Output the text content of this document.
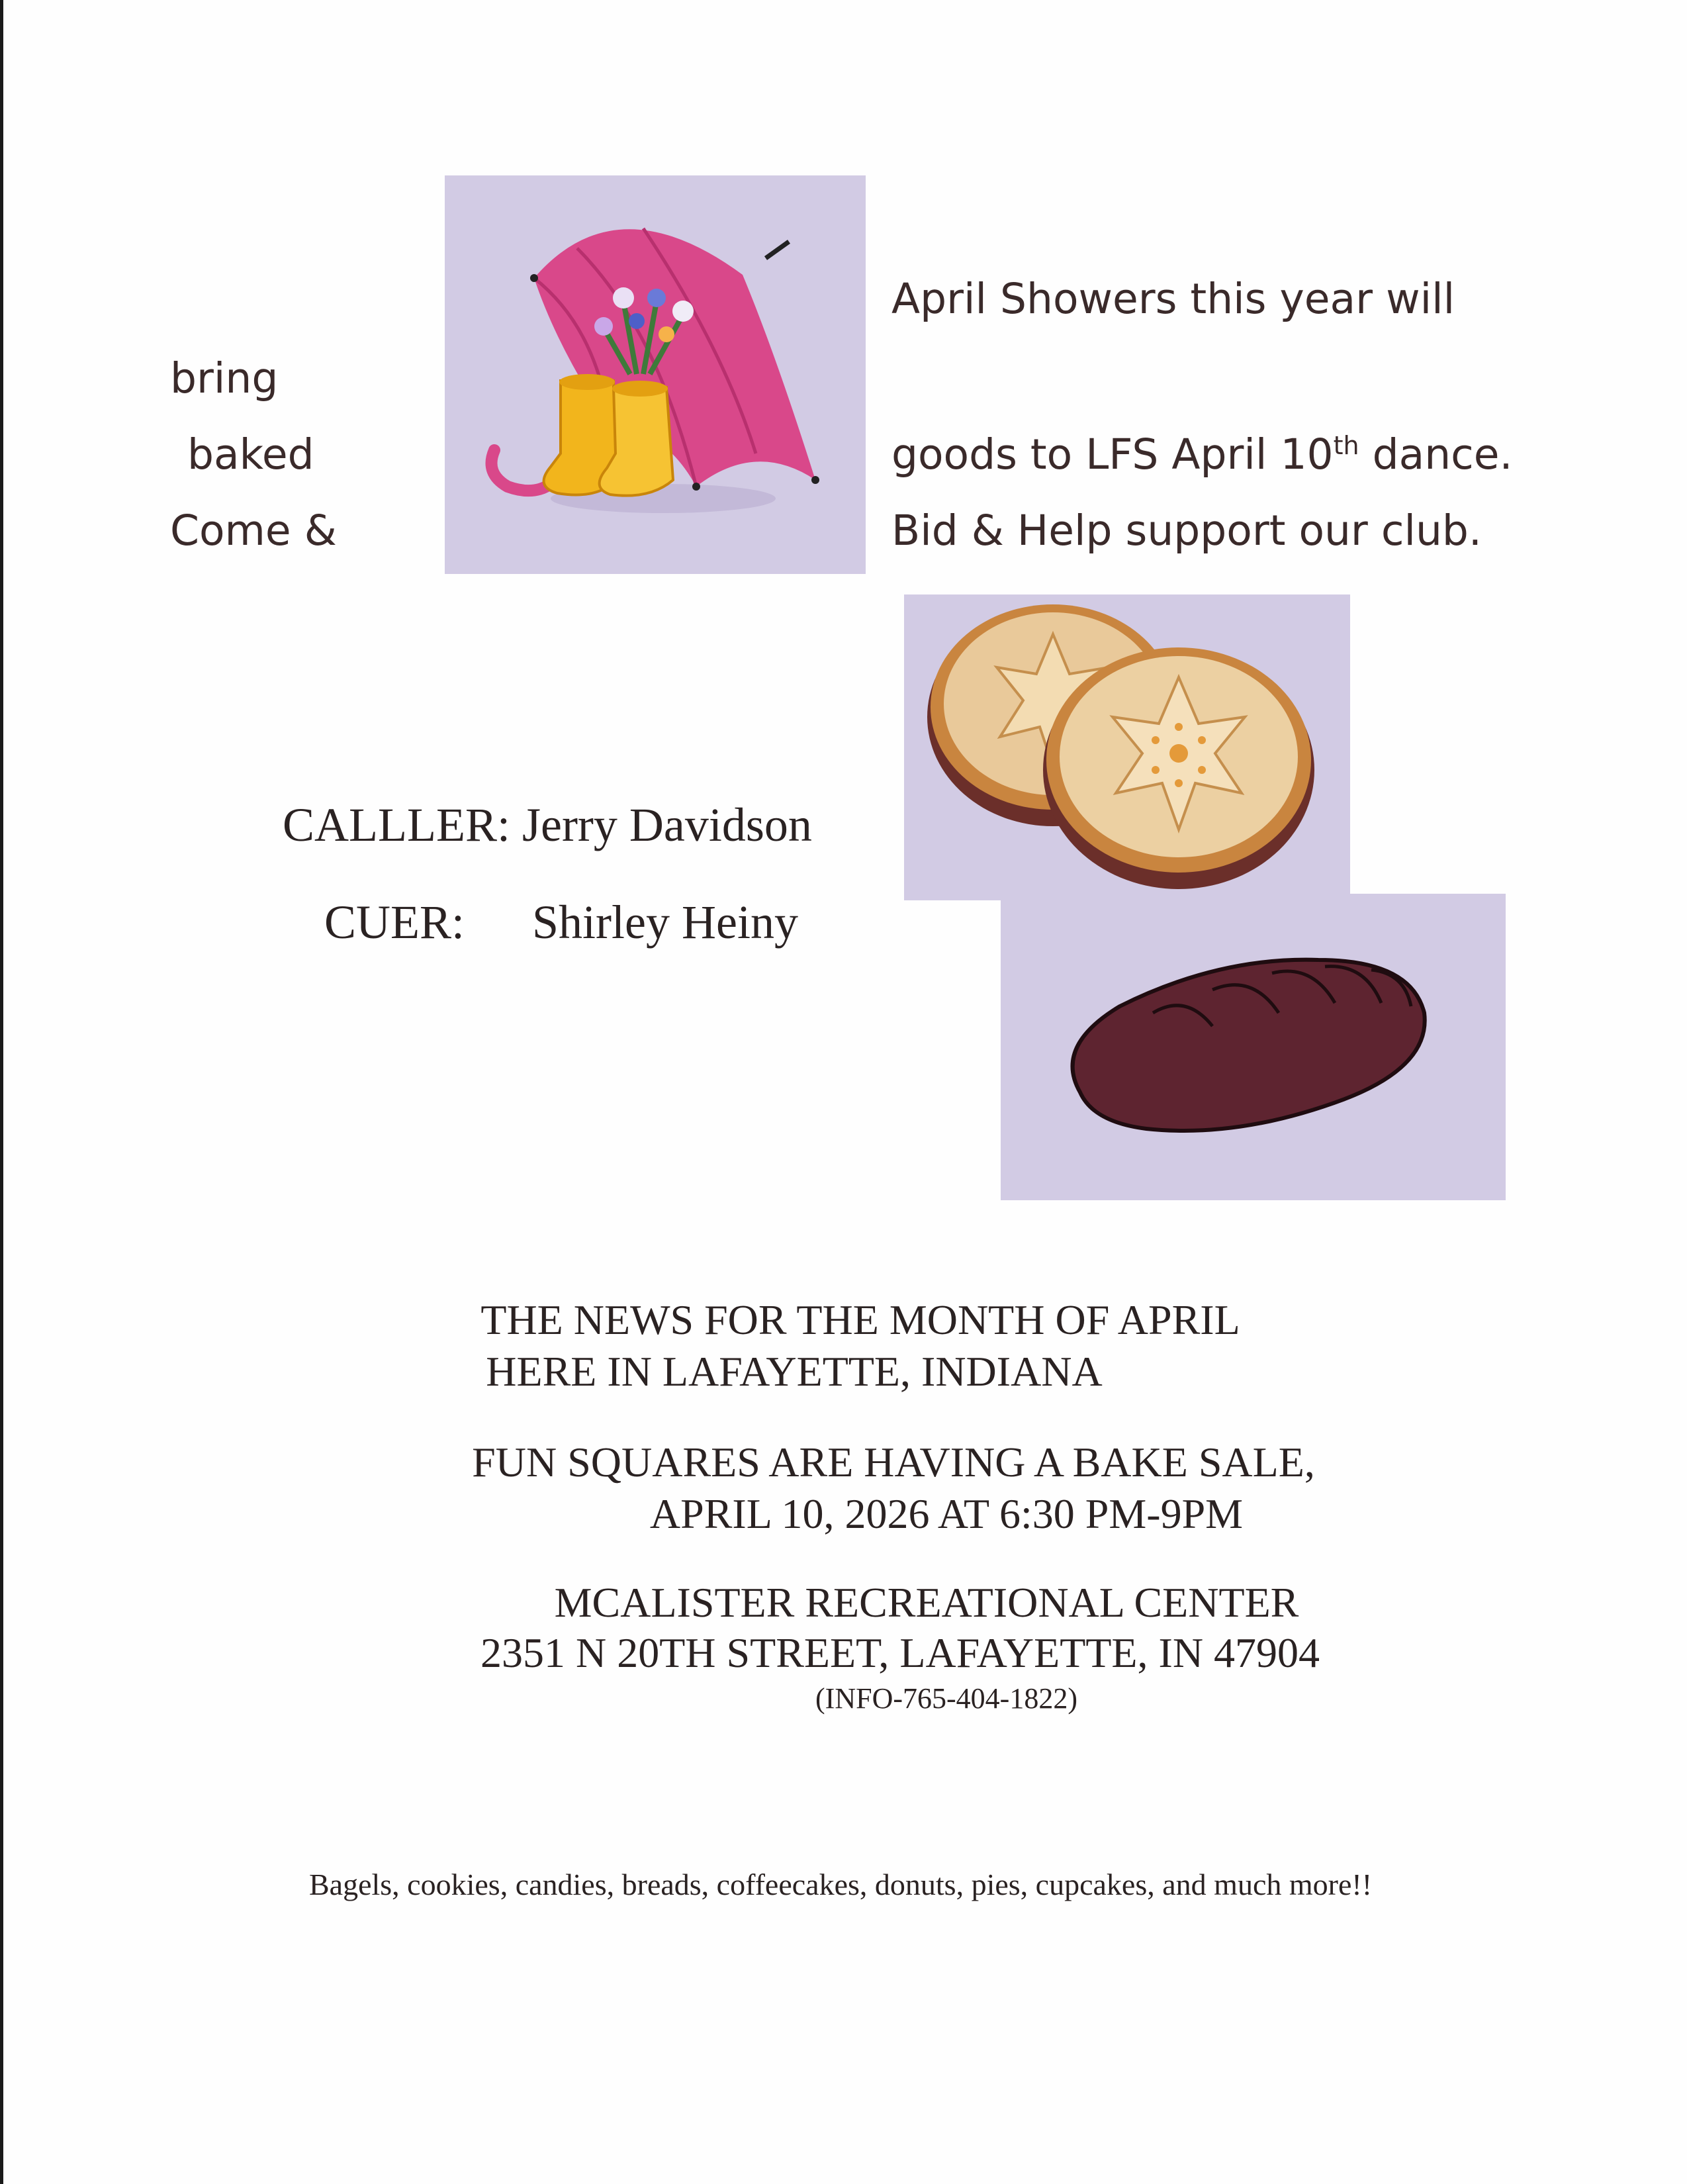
April Showers this year will
bring
baked	goods to LFS April 10th dance.
Come &	Bid & Help support our club.
CALLLER: Jerry Davidson
CUER: Shirley Heiny
THE NEWS FOR THE MONTH OF APRIL
HERE IN LAFAYETTE, INDIANA
FUN SQUARES ARE HAVING A BAKE SALE,
APRIL 10, 2026 AT 6:30 PM-9PM
MCALISTER RECREATIONAL CENTER
2351 N 20TH STREET, LAFAYETTE, IN 47904
(INFO-765-404-1822)
Bagels, cookies, candies, breads, coffeecakes, donuts, pies, cupcakes, and much more!!
